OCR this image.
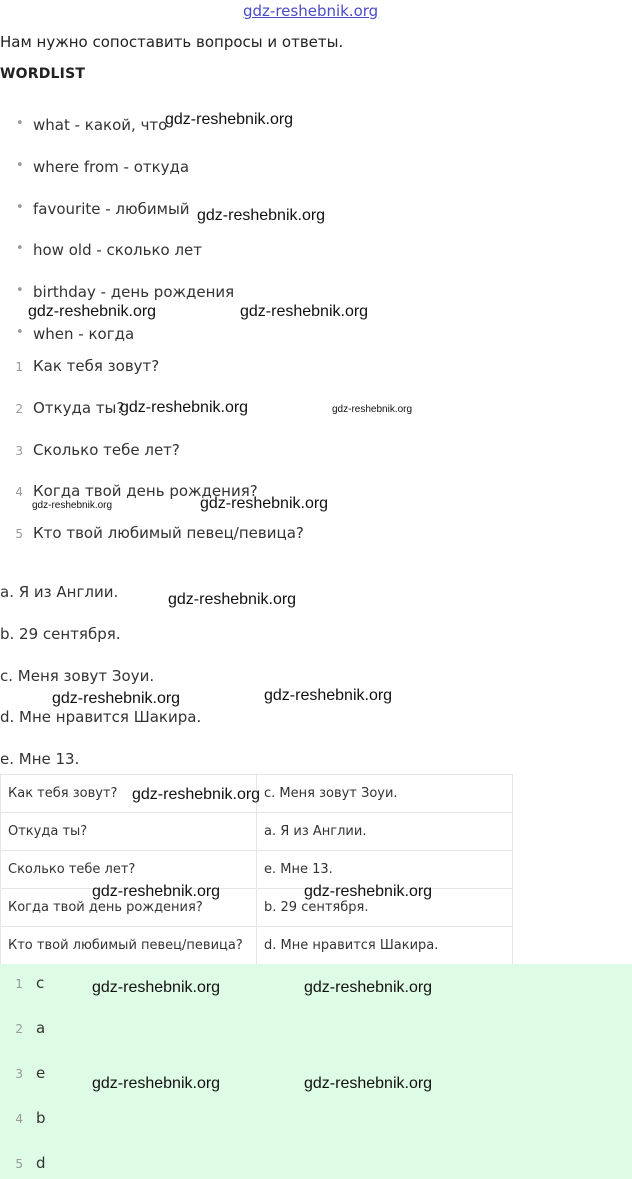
gdz-reshebnik.org
Нам нужно сопоставить вопросы и ответы.
WORDLIST
• what - какой, что
• where from - откуда
• favourite - любимый
• how old - сколько лет
• birthday - день рождения
• when - когда
1 Как тебя зовут?
2 Откуда ты?
3 Сколько тебе лет?
4 Когда твой день рождения?
5 Кто твой любимый певец/певица?
a. Я из Англии.
b. 29 сентября.
c. Меня зовут Зоуи.
d. Мне нравится Шакира.
e. Мне 13.
Как тебя зовут?	c. Меня зовут Зоуи.
Откуда ты?	a. Я из Англии.
Сколько тебе лет?	e. Мне 13.
Когда твой день рождения?	b. 29 сентября.
Кто твой любимый певец/певица?	d. Мне нравится Шакира.
1 c
2 a
3 e
4 b
5 d
gdz-reshebnik.org
gdz-reshebnik.org
gdz-reshebnik.org	gdz-reshebnik.org
gdz-reshebnik.org	gdz-reshebnik.org
gdz-reshebnik.org	gdz-reshebnik.org
gdz-reshebnik.org
gdz-reshebnik.org	gdz-reshebnik.org
gdz-reshebnik.org
gdz-reshebnik.org	gdz-reshebnik.org
gdz-reshebnik.org	gdz-reshebnik.org
gdz-reshebnik.org	gdz-reshebnik.org
